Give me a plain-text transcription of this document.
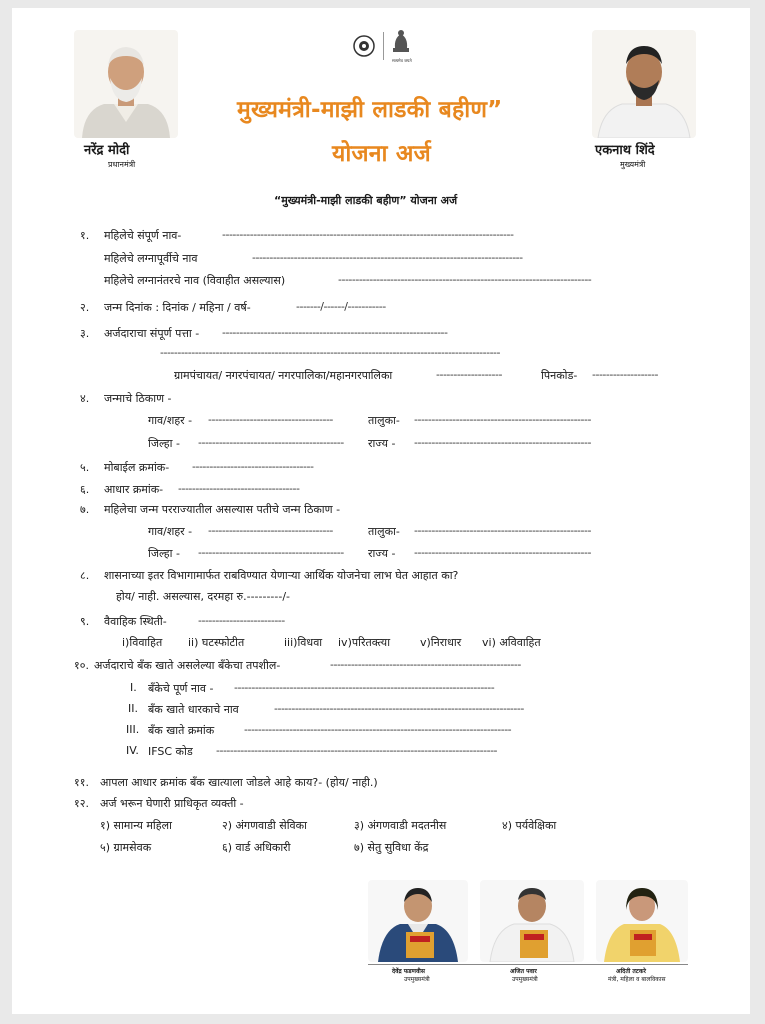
नरेंद्र मोदी
प्रधानमंत्री
एकनाथ शिंदे
मुख्यमंत्री
सत्यमेव जयते
मुख्यमंत्री-माझी लाडकी बहीण”
योजना अर्ज
“मुख्यमंत्री-माझी लाडकी बहीण” योजना अर्ज
१. महिलेचे संपूर्ण नाव-	------------------------------------------------------------------------------------
महिलेचे लग्नापूर्वीचे नाव	------------------------------------------------------------------------------
महिलेचे लग्नानंतरचे नाव (विवाहीत असल्यास)	-------------------------------------------------------------------------
२. जन्म दिनांक : दिनांक / महिना / वर्ष-	-------/------/-----------
३. अर्जदाराचा संपूर्ण पत्ता - -----------------------------------------------------------------
--------------------------------------------------------------------------------------------------
ग्रामपंचायत/ नगरपंचायत/ नगरपालिका/महानगरपालिका	-------------------	पिनकोड- -------------------
४. जन्माचे ठिकाण -
गाव/शहर - ------------------------------------	तालुका- ---------------------------------------------------
जिल्हा - ------------------------------------------ राज्य - ---------------------------------------------------
५. मोबाईल क्रमांक- -----------------------------------
६. आधार क्रमांक- -----------------------------------
७. महिलेचा जन्म परराज्यातील असल्यास पतीचे जन्म ठिकाण -
गाव/शहर - ------------------------------------	तालुका- ---------------------------------------------------
जिल्हा - ------------------------------------------ राज्य - ---------------------------------------------------
८. शासनाच्या इतर विभागामार्फत राबविण्यात येणाऱ्या आर्थिक योजनेचा लाभ घेत आहात का?
होय/ नाही. असल्यास, दरमहा रु.---------/-
९. वैवाहिक स्थिती-	-------------------------
i)विवाहित ii) घटस्फोटीत	iii)विधवा iv)परितक्त्या	v)निराधार vi) अविवाहित
१०. अर्जदाराचे बँक खाते असलेल्या बँकेचा तपशील-	-------------------------------------------------------
I. बँकेचे पूर्ण नाव - ---------------------------------------------------------------------------
II. बँक खाते धारकाचे नाव	------------------------------------------------------------------------
III. बँक खाते क्रमांक	-----------------------------------------------------------------------------
IV. IFSC कोड ---------------------------------------------------------------------------------
११. आपला आधार क्रमांक बँक खात्याला जोडले आहे काय?- (होय/ नाही.)
१२. अर्ज भरून घेणारी प्राधिकृत व्यक्ती -
१) सामान्य महिला	२) अंगणवाडी सेविका	३) अंगणवाडी मदतनीस	४) पर्यवेक्षिका
५) ग्रामसेवक	६) वार्ड अधिकारी	७) सेतु सुविधा केंद्र
देवेंद्र फडणवीस
उपमुख्यमंत्री
अजित पवार
उपमुख्यमंत्री
अदिती तटकरे
मंत्री, महिला व बालविकास
